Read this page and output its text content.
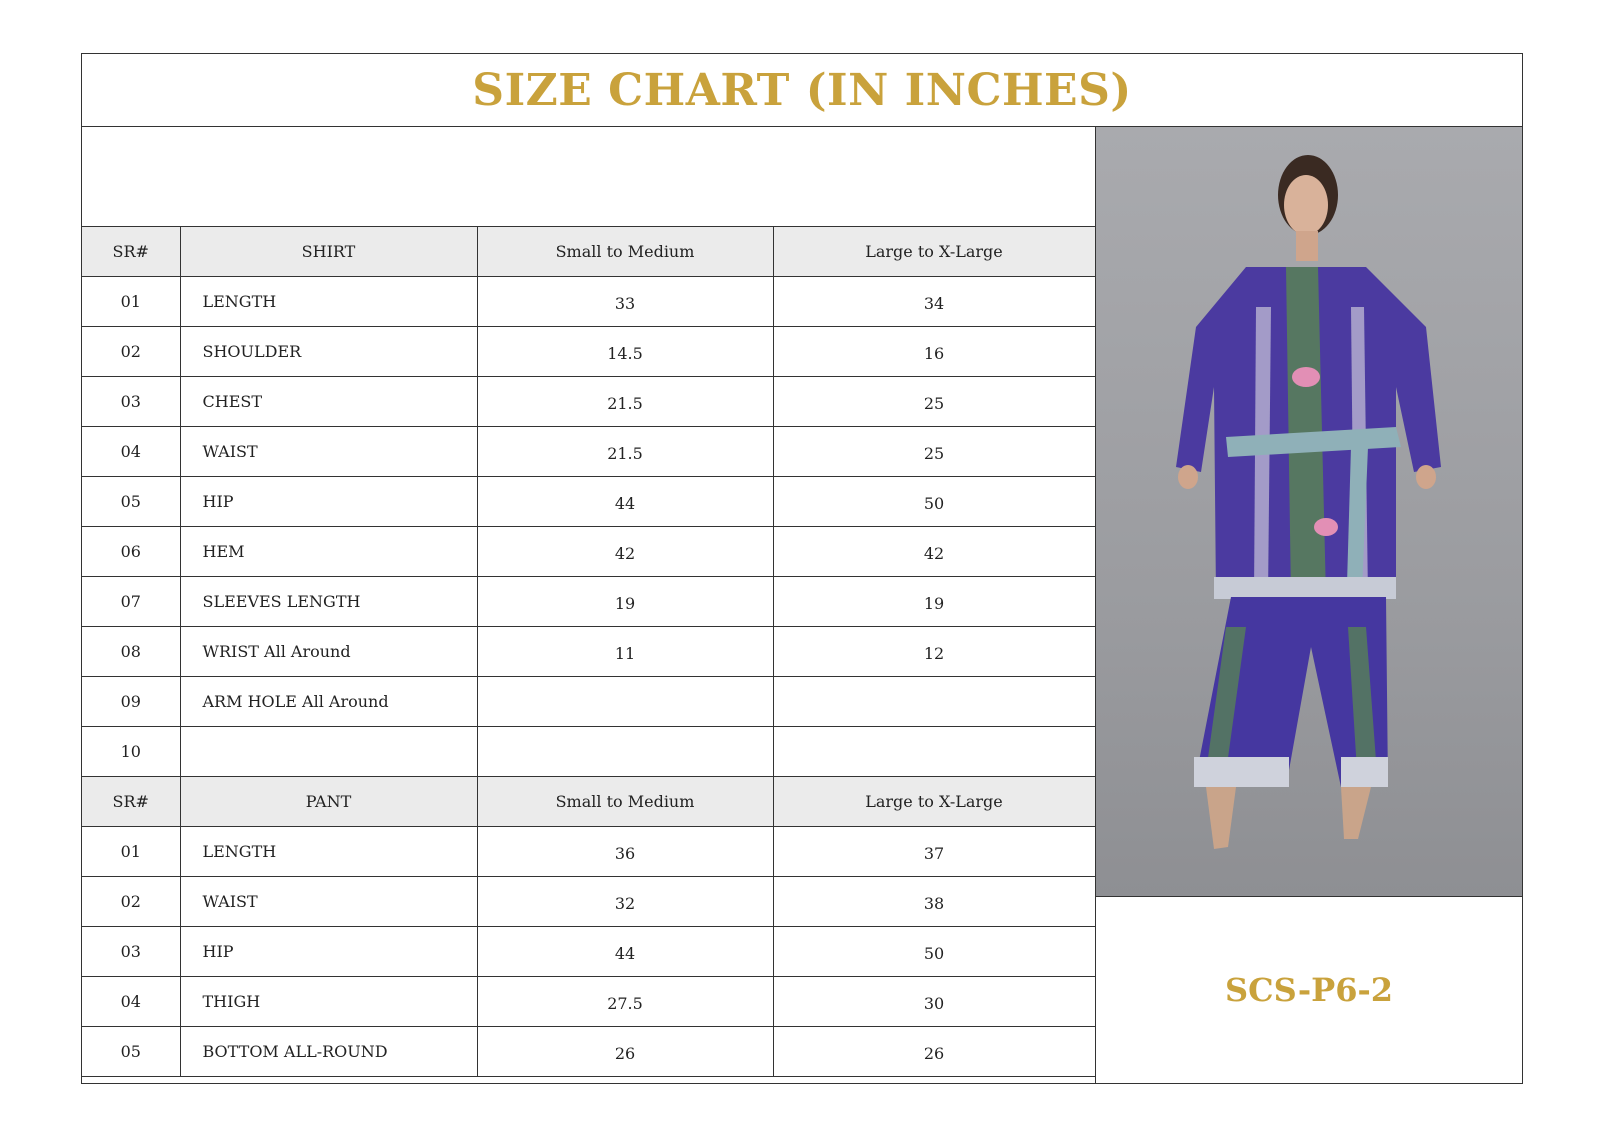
SIZE CHART (IN INCHES)
SR#	SHIRT	Small to Medium	Large to X-Large
01	LENGTH	33	34
02	SHOULDER	14.5	16
03	CHEST	21.5	25
04	WAIST	21.5	25
05	HIP	44	50
06	HEM	42	42
07	SLEEVES LENGTH	19	19
08	WRIST All Around	11	12
09	ARM HOLE All Around		
10			
SR#	PANT	Small to Medium	Large to X-Large
01	LENGTH	36	37
02	WAIST	32	38
03	HIP	44	50
04	THIGH	27.5	30
05	BOTTOM ALL-ROUND	26	26
SCS-P6-2
